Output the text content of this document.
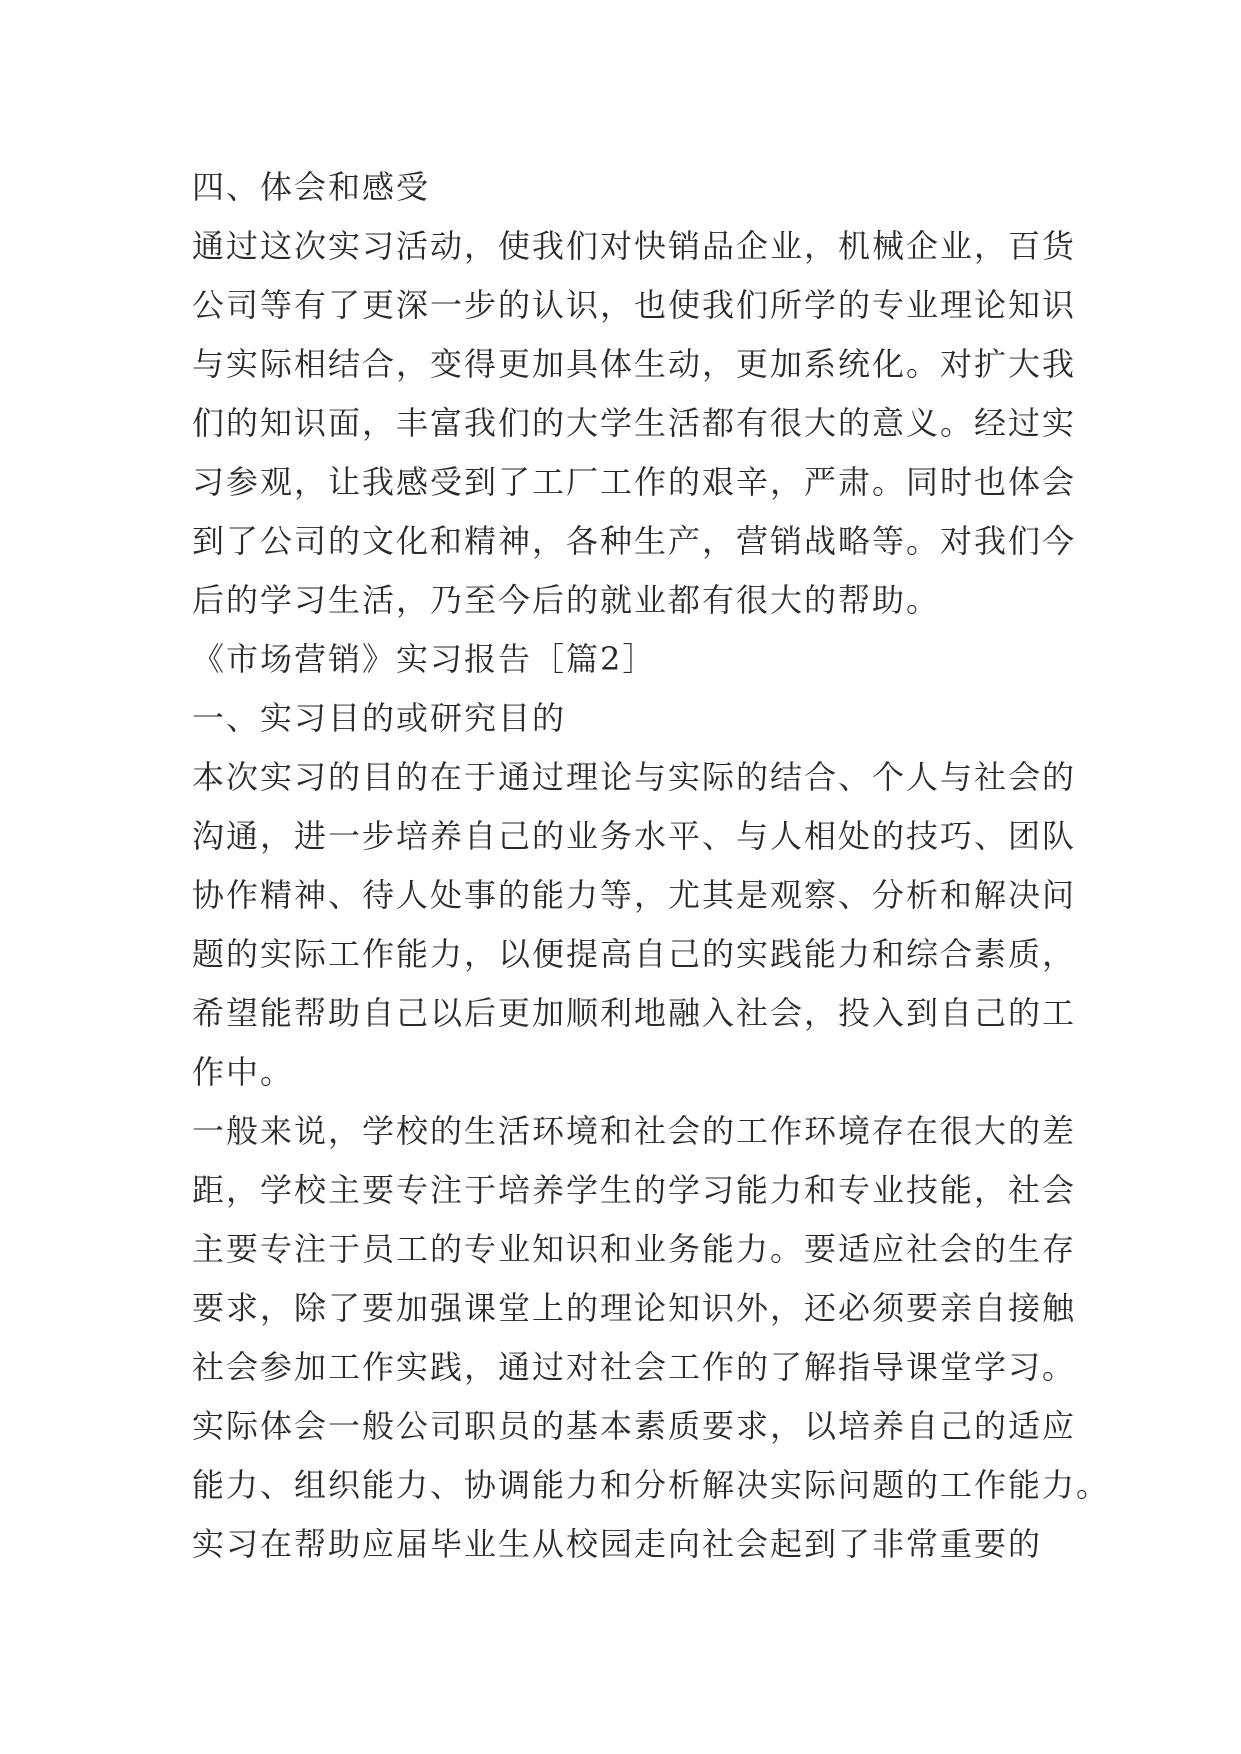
四、体会和感受
通过这次实习活动，使我们对快销品企业，机械企业，百货
公司等有了更深一步的认识，也使我们所学的专业理论知识
与实际相结合，变得更加具体生动，更加系统化。对扩大我
们的知识面，丰富我们的大学生活都有很大的意义。经过实
习参观，让我感受到了工厂工作的艰辛，严肃。同时也体会
到了公司的文化和精神，各种生产，营销战略等。对我们今
后的学习生活，乃至今后的就业都有很大的帮助。
《市场营销》实习报告［篇2］
一、实习目的或研究目的
本次实习的目的在于通过理论与实际的结合、个人与社会的
沟通，进一步培养自己的业务水平、与人相处的技巧、团队
协作精神、待人处事的能力等，尤其是观察、分析和解决问
题的实际工作能力，以便提高自己的实践能力和综合素质，
希望能帮助自己以后更加顺利地融入社会，投入到自己的工
作中。
一般来说，学校的生活环境和社会的工作环境存在很大的差
距，学校主要专注于培养学生的学习能力和专业技能，社会
主要专注于员工的专业知识和业务能力。要适应社会的生存
要求，除了要加强课堂上的理论知识外，还必须要亲自接触
社会参加工作实践，通过对社会工作的了解指导课堂学习。
实际体会一般公司职员的基本素质要求，以培养自己的适应
能力、组织能力、协调能力和分析解决实际问题的工作能力。
实习在帮助应届毕业生从校园走向社会起到了非常重要的
